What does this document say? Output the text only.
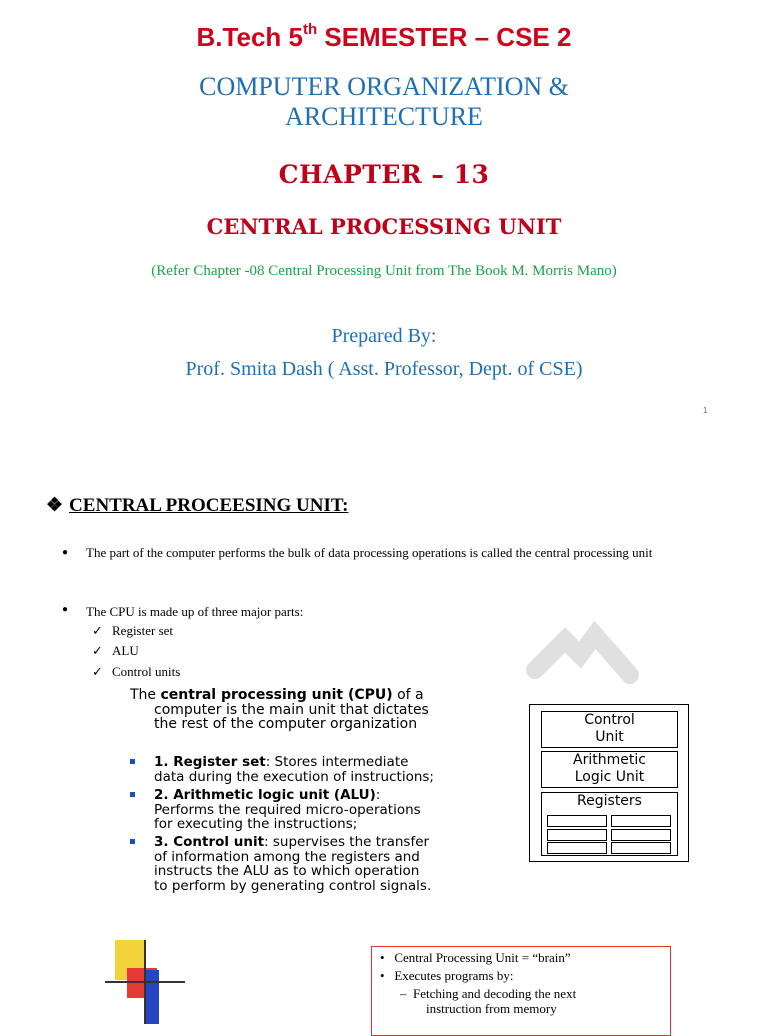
B.Tech 5th SEMESTER – CSE 2
COMPUTER ORGANIZATION &
ARCHITECTURE
CHAPTER – 13
CENTRAL PROCESSING UNIT
(Refer Chapter -08 Central Processing Unit from The Book M. Morris Mano)
Prepared By:
Prof. Smita Dash ( Asst. Professor, Dept. of CSE)
1
❖ CENTRAL PROCEESING UNIT:
● The part of the computer performs the bulk of data processing operations is called the central processing unit
● The CPU is made up of three major parts:
✓ Register set
✓ ALU
✓ Control units
The central processing unit (CPU) of a
computer is the main unit that dictates
the rest of the computer organization
1. Register set: Stores intermediate
data during the execution of instructions;
2. Arithmetic logic unit (ALU):
Performs the required micro-operations
for executing the instructions;
3. Control unit: supervises the transfer
of information among the registers and
instructs the ALU as to which operation
to perform by generating control signals.
Control
Unit
Arithmetic
Logic Unit
Registers
•   Central Processing Unit = “brain”
•   Executes programs by:
–  Fetching and decoding the next
instruction from memory
